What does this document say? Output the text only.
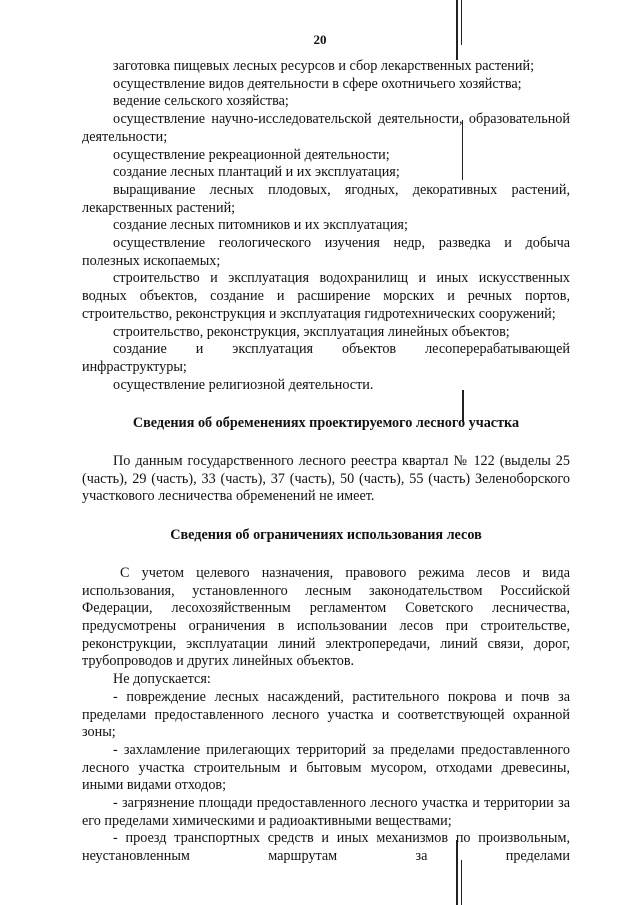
20

заготовка пищевых лесных ресурсов и сбор лекарственных растений;

осуществление видов деятельности в сфере охотничьего хозяйства;

ведение сельского хозяйства;

осуществление научно-исследовательской деятельности, образовательной деятельности;

осуществление рекреационной деятельности;

создание лесных плантаций и их эксплуатация;

выращивание лесных плодовых, ягодных, декоративных растений, лекарственных растений;

создание лесных питомников и их эксплуатация;

осуществление геологического изучения недр, разведка и добыча полезных ископаемых;

строительство и эксплуатация водохранилищ и иных искусственных водных объектов, создание и расширение морских и речных портов, строительство, реконструкция и эксплуатация гидротехнических сооружений;

строительство, реконструкция, эксплуатация линейных объектов;

создание и эксплуатация объектов лесоперерабатывающей инфраструктуры;

осуществление религиозной деятельности.

Сведения об обременениях проектируемого лесного участка

По данным государственного лесного реестра квартал № 122 (выделы 25 (часть), 29 (часть), 33 (часть), 37 (часть), 50 (часть), 55 (часть) Зеленоборского участкового лесничества обременений не имеет.

Сведения об ограничениях использования лесов

С учетом целевого назначения, правового режима лесов и вида использования, установленного лесным законодательством Российской Федерации, лесохозяйственным регламентом Советского лесничества, предусмотрены ограничения в использовании лесов при строительстве, реконструкции, эксплуатации линий электропередачи, линий связи, дорог, трубопроводов и других линейных объектов.

Не допускается:

- повреждение лесных насаждений, растительного покрова и почв за пределами предоставленного лесного участка и соответствующей охранной зоны;

- захламление прилегающих территорий за пределами предоставленного лесного участка строительным и бытовым мусором, отходами древесины, иными видами отходов;

- загрязнение площади предоставленного лесного участка и территории за его пределами химическими и радиоактивными веществами;

- проезд транспортных средств и иных механизмов по произвольным, неустановленным маршрутам за пределами
